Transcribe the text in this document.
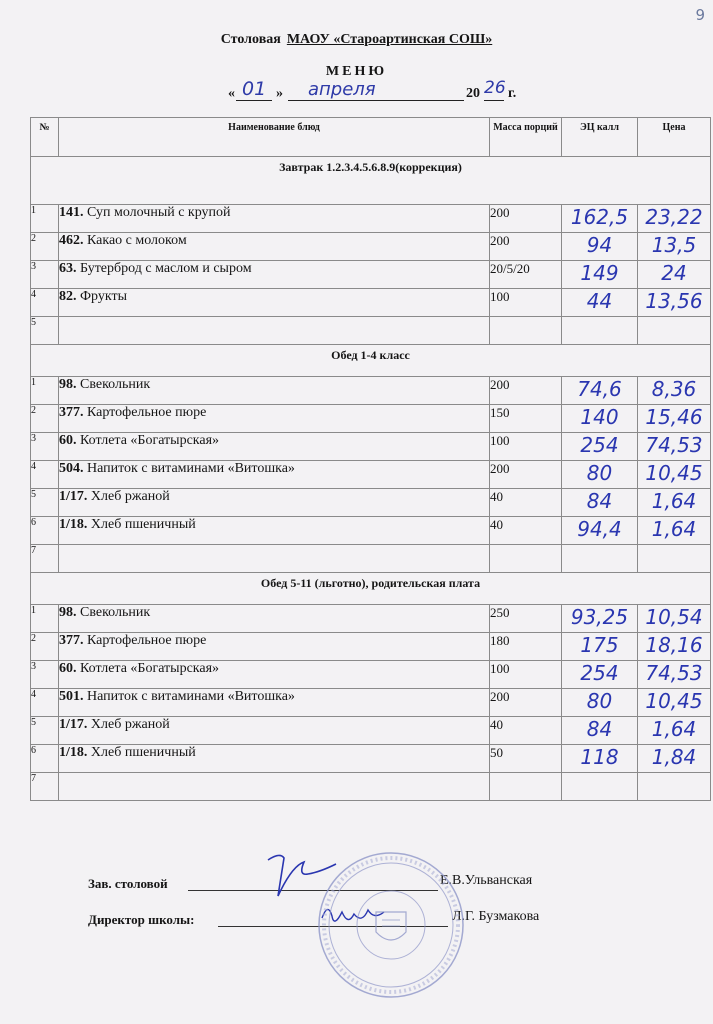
9
Столовая МАОУ «Староартинская СОШ»
МЕНЮ
« 01 » апреля	20 26 г.
№	Наименование блюд	Масса порций	ЭЦ калл	Цена
Завтрак 1.2.3.4.5.6.8.9(коррекция)				
1	141. Суп молочный с крупой	200	162,5	23,22
2	462. Какао с молоком	200	94	13,5
3	63. Бутерброд с маслом и сыром	20/5/20	149	24
4	82. Фрукты	100	44	13,56
5				
Обед 1-4 класс				
1	98. Свекольник	200	74,6	8,36
2	377. Картофельное пюре	150	140	15,46
3	60. Котлета «Богатырская»	100	254	74,53
4	504. Напиток с витаминами «Витошка»	200	80	10,45
5	1/17. Хлеб ржаной	40	84	1,64
6	1/18. Хлеб пшеничный	40	94,4	1,64
7				
Обед 5-11 (льготно), родительская плата				
1	98. Свекольник	250	93,25	10,54
2	377. Картофельное пюре	180	175	18,16
3	60. Котлета «Богатырская»	100	254	74,53
4	501. Напиток с витаминами «Витошка»	200	80	10,45
5	1/17. Хлеб ржаной	40	84	1,64
6	1/18. Хлеб пшеничный	50	118	1,84
7				
Зав. столовой	Е.В.Ульванская
Директор школы:	Л.Г. Бузмакова
